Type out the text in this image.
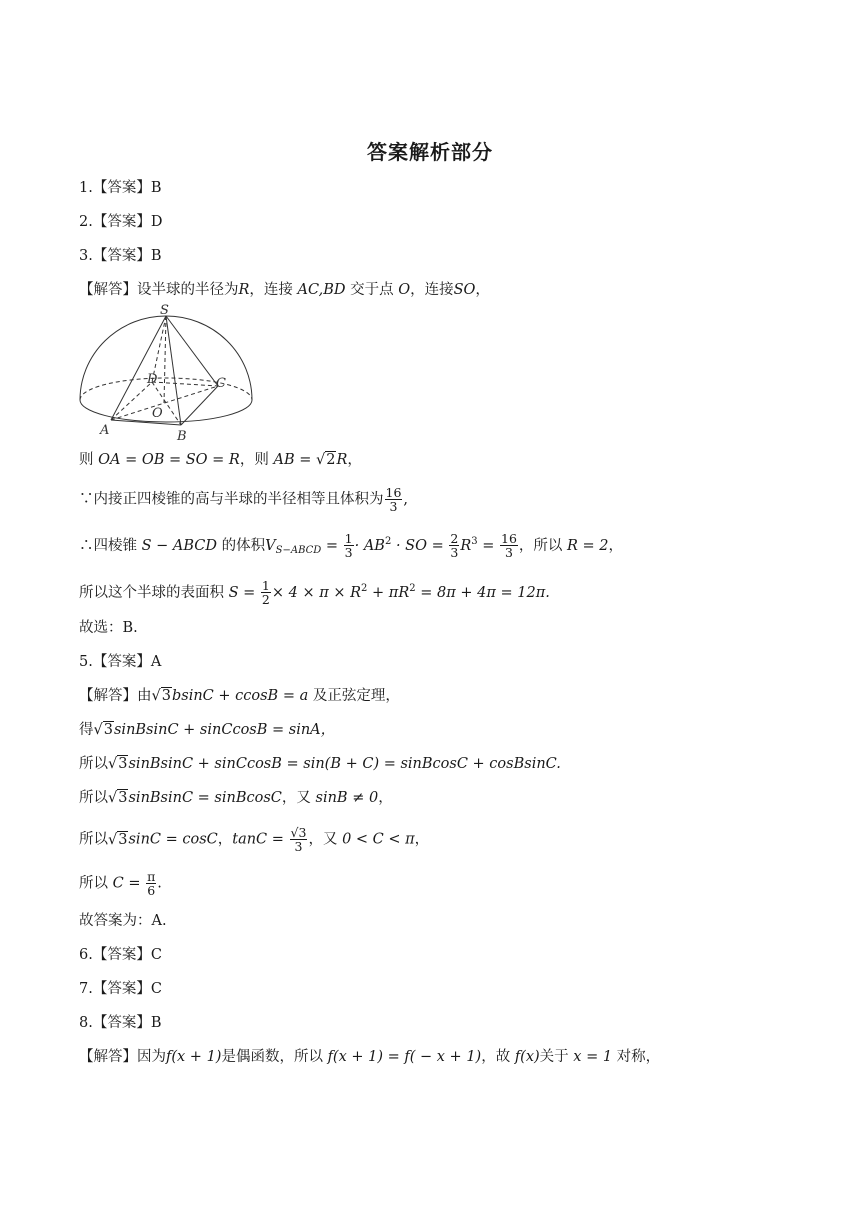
答案解析部分
1.【答案】B
2.【答案】D
3.【答案】B
【解答】设半球的半径为R，连接 AC,BD 交于点 O，连接SO，
S
D	C
O
A	B
则 OA = OB = SO = R，则 AB = √2R，
∵内接正四棱锥的高与半球的半径相等且体积为 $\frac{16}{3}$ ,
∴四棱锥 S − ABCD 的体积$V_{S-ABCD} = \frac{1}{3} \cdot AB^2$ · SO = $\frac{2}{3} R^3 = \frac{16}{3}$ ，所以 R = 2，
所以这个半球的表面积 $S = \frac{1}{2} \times 4 \times \pi \times R^2 + \pi R^2 = 8\pi + 4\pi = 12\pi$.
故选：B.
5.【答案】A
【解答】由√3bsinC + ccosB = a 及正弦定理，
得√3sinBsinC + sinCcosB = sinA，
所以√3sinBsinC + sinCcosB = sin(B + C) = sinBcosC + cosBsinC.
所以√3sinBsinC = sinBcosC，又 sinB ≠ 0，
所以√3sinC = cosC，$\tan C = \frac{√3}{3}$ ，又 0 < C < π，
所以 $C = \frac{\pi}{6}$ .
故答案为：A.
6.【答案】C
7.【答案】C
8.【答案】B
【解答】因为f(x + 1)是偶函数，所以 f(x + 1) = f( − x + 1)，故 f(x)关于 x = 1 对称，
